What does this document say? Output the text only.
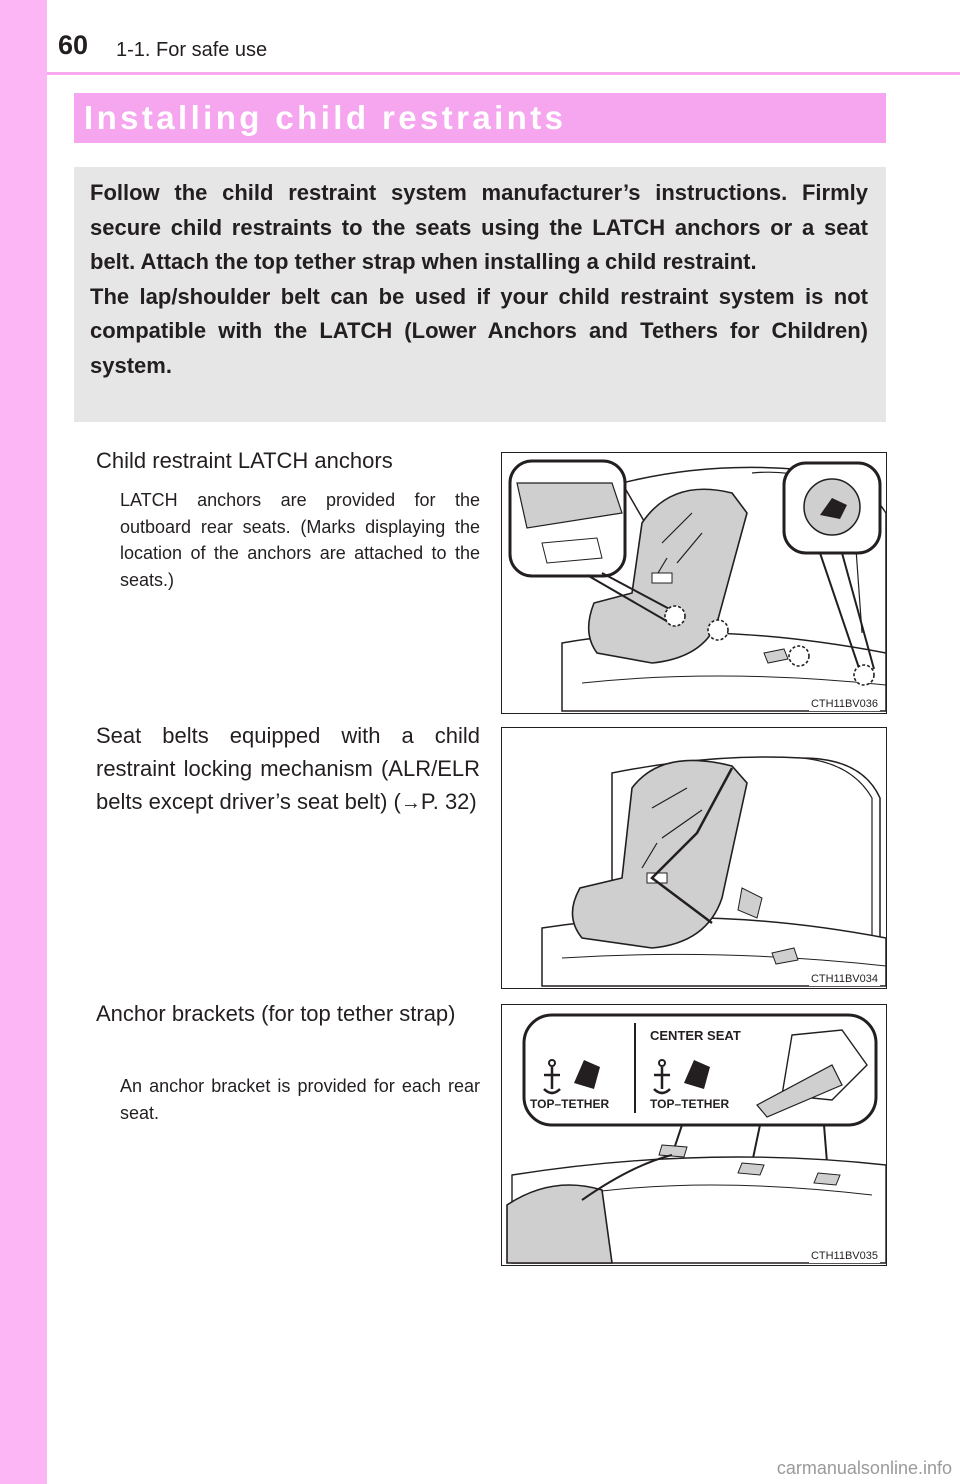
60 1-1. For safe use
Installing child restraints

Follow the child restraint system manufacturer’s instructions. Firmly secure child restraints to the seats using the LATCH anchors or a seat belt. Attach the top tether strap when installing a child restraint.

The lap/shoulder belt can be used if your child restraint system is not compatible with the LATCH (Lower Anchors and Tethers for Children) system.

Child restraint LATCH anchors
LATCH anchors are provided for the outboard rear seats. (Marks displaying the location of the anchors are attached to the seats.)
CTH11BV036
Seat belts equipped with a child restraint locking mechanism (ALR/ELR belts except driver’s seat belt) (→P. 32)
CTH11BV034
Anchor brackets (for top tether strap)
An anchor bracket is provided for each rear seat.	TOP–TETHER
CENTER SEAT
TOP–TETHER
CTH11BV035
carmanualsonline.info
